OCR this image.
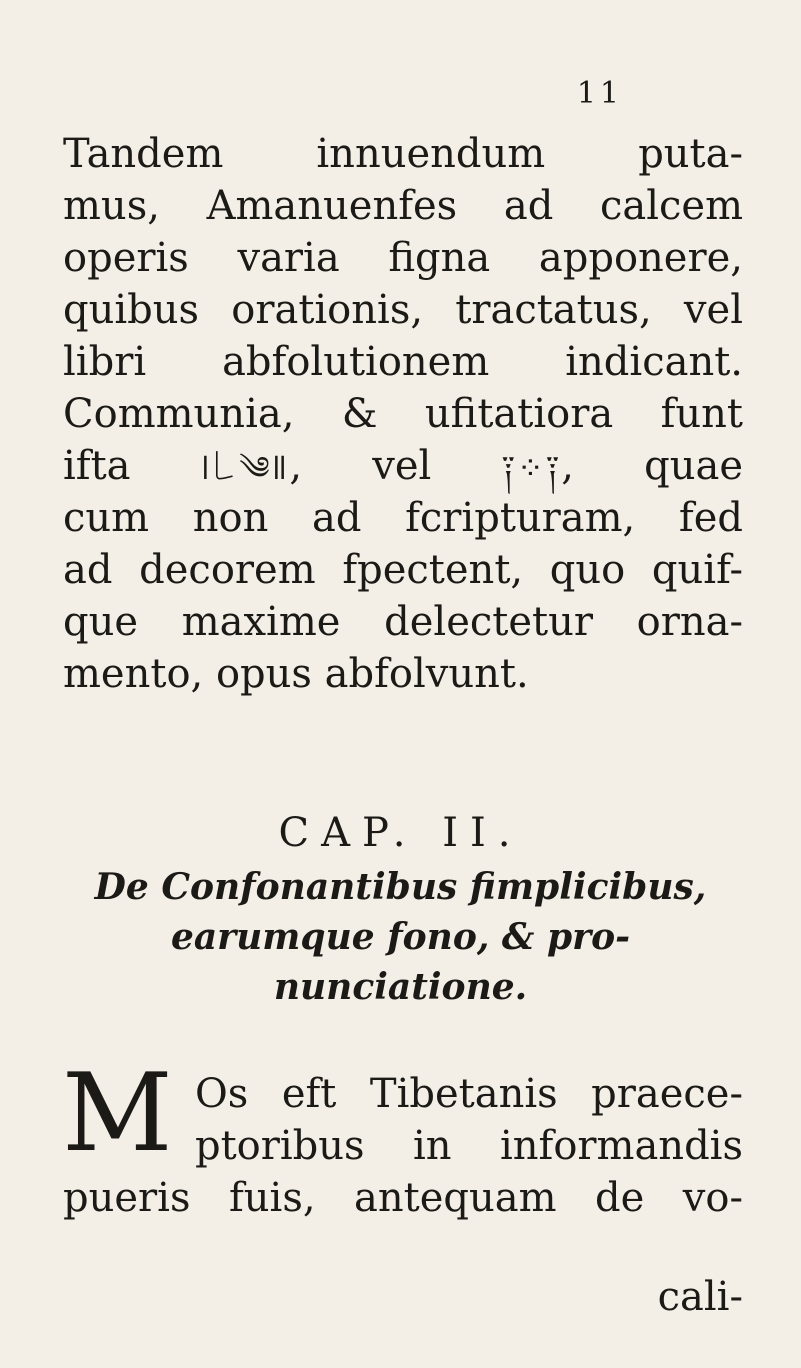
11
Tandem innuendum puta-
mus, Amanuenfes ad calcem
operis varia figna apponere,
quibus orationis, tractatus, vel
libri abfolutionem indicant.
Communia, & ufitatiora funt
ifta ǀ꒒༄ǁ, vel ༑⁘༑, quae
cum non ad fcripturam, fed
ad decorem fpectent, quo quif-
que maxime delectetur orna-
mento, opus abfolvunt.
CAP. II.
De Confonantibus fimplicibus,
earumque fono, & pro-
nunciatione.
M Os eft Tibetanis praece-
ptoribus in informandis
pueris fuis, antequam de vo-
cali-
